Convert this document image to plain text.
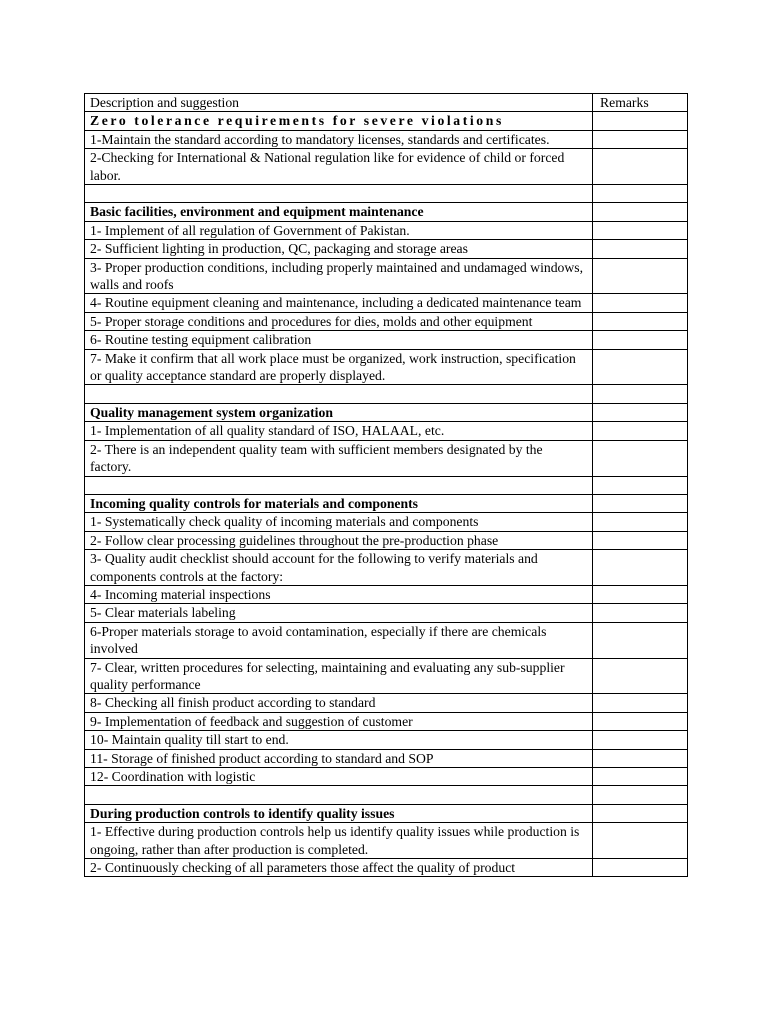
Description and suggestion	Remarks
Zero tolerance requirements for severe violations	
1-Maintain the standard according to mandatory licenses, standards and certificates.	
2-Checking for International & National regulation like for evidence of child or forced labor.	

Basic facilities, environment and equipment maintenance	
1- Implement of all regulation of Government of Pakistan.	
2- Sufficient lighting in production, QC, packaging and storage areas	
3- Proper production conditions, including properly maintained and undamaged windows, walls and roofs	
4- Routine equipment cleaning and maintenance, including a dedicated maintenance team	
5- Proper storage conditions and procedures for dies, molds and other equipment	
6- Routine testing equipment calibration	
7- Make it confirm that all work place must be organized, work instruction, specification or quality acceptance standard are properly displayed.	

Quality management system organization	
1- Implementation of all quality standard of ISO, HALAAL, etc.	
2- There is an independent quality team with sufficient members designated by the factory.	

Incoming quality controls for materials and components	
1- Systematically check quality of incoming materials and components	
2- Follow clear processing guidelines throughout the pre-production phase	
3- Quality audit checklist should account for the following to verify materials and components controls at the factory:	
4- Incoming material inspections	
5- Clear materials labeling	
6-Proper materials storage to avoid contamination, especially if there are chemicals involved	
7- Clear, written procedures for selecting, maintaining and evaluating any sub-supplier quality performance	
8- Checking all finish product according to standard	
9- Implementation of feedback and suggestion of customer	
10- Maintain quality till start to end.	
11- Storage of finished product according to standard and SOP	
12- Coordination with logistic	

During production controls to identify quality issues	
1- Effective during production controls help us identify quality issues while production is ongoing, rather than after production is completed.	
2- Continuously checking of all parameters those affect the quality of product	
